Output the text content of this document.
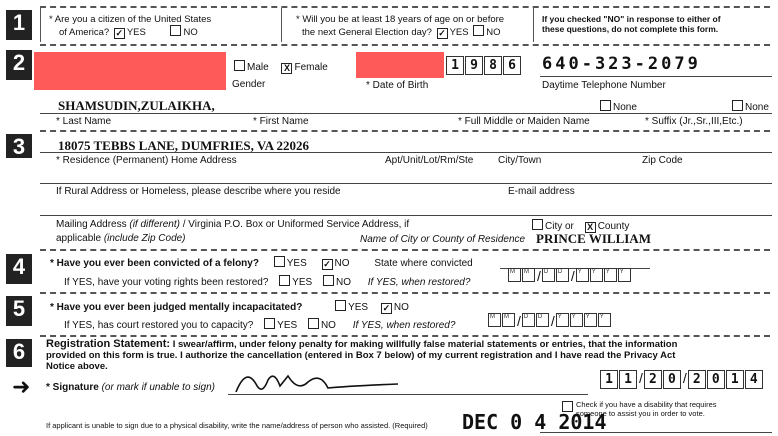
1	* Are you a citizen of the United States
of America? ✓ YES	NO
* Will you be at least 18 years of age on or before
the next General Election day? ✓ YES NO
If you checked "NO" in response to either of
these questions, do not complete this form.
2	Male X Female
Gender
1 9 8 6
* Date of Birth
640-323-2079
Daytime Telephone Number
SHAMSUDIN,ZULAIKHA,	None	None
* Last Name	* First Name	* Full Middle or Maiden Name	* Suffix (Jr.,Sr.,III,Etc.)
3	18075 TEBBS LANE, DUMFRIES, VA 22026
* Residence (Permanent) Home Address	Apt/Unit/Lot/Rm/Ste City/Town	Zip Code
If Rural Address or Homeless, please describe where you reside	E-mail address
Mailing Address (if different) / Virginia P.O. Box or Uniformed Service Address, if
applicable (include Zip Code)
City or X County
Name of City or County of Residence PRINCE WILLIAM
4	* Have you ever been convicted of a felony?	YES ✓ NO State where convicted
If YES, have your voting rights been restored? YES NO If YES, when restored?
M M / D D / Y Y Y Y
5	* Have you ever been judged mentally incapacitated?	YES ✓ NO
If YES, has court restored you to capacity? YES NO If YES, when restored?
M M / D D / Y Y Y Y
6	Registration Statement: I swear/affirm, under felony penalty for making willfully false material statements or entries, that the information
provided on this form is true. I authorize the cancellation (entered in Box 7 below) of my current registration and I have read the Privacy Act
Notice above.
➜ * Signature (or mark if unable to sign)
1 1 / 2 0 / 2 0 1 4
Check if you have a disability that requires
someone to assist you in order to vote.
If applicant is unable to sign due to a physical disability, write the name/address of person who assisted. (Required) DEC 0 4 2014
